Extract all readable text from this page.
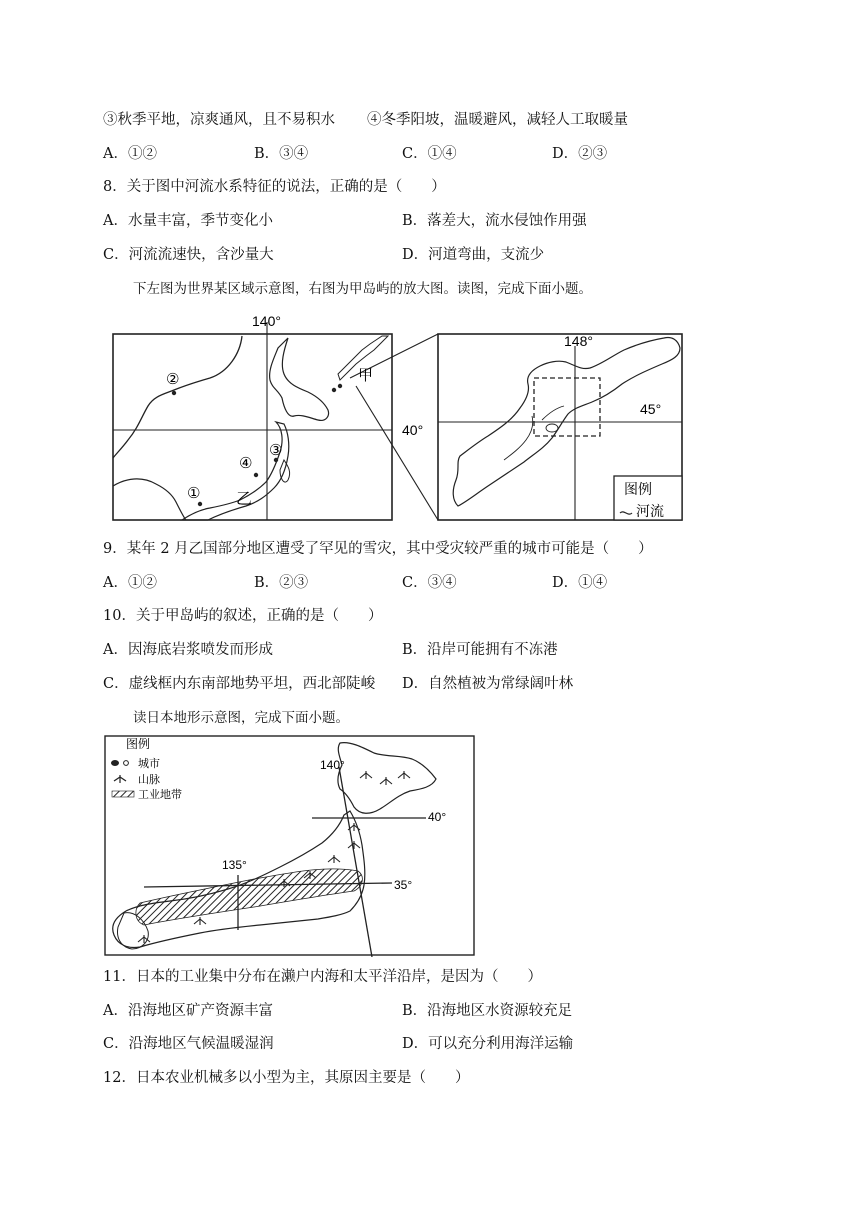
③秋季平地，凉爽通风，且不易积水 ④冬季阳坡，温暖避风，减轻人工取暖量
A．①②	B．③④	C．①④	D．②③
8．关于图中河流水系特征的说法，正确的是（　　）
A．水量丰富，季节变化小	B．落差大，流水侵蚀作用强
C．河流流速快，含沙量大	D．河道弯曲，支流少
下左图为世界某区域示意图，右图为甲岛屿的放大图。读图，完成下面小题。
140°
40°
甲
乙
②
①
③
④
148°
45°
图例
河流
9．某年 2 月乙国部分地区遭受了罕见的雪灾，其中受灾较严重的城市可能是（　　）
A．①②	B．②③	C．③④	D．①④
10．关于甲岛屿的叙述，正确的是（　　）
A．因海底岩浆喷发而形成	B．沿岸可能拥有不冻港
C．虚线框内东南部地势平坦，西北部陡峻 D．自然植被为常绿阔叶林
读日本地形示意图，完成下面小题。
图例
城市
山脉
工业地带
140°
40°
135°
35°
11．日本的工业集中分布在濑户内海和太平洋沿岸，是因为（　　）
A．沿海地区矿产资源丰富	B．沿海地区水资源较充足
C．沿海地区气候温暖湿润	D．可以充分利用海洋运输
12．日本农业机械多以小型为主，其原因主要是（　　）
